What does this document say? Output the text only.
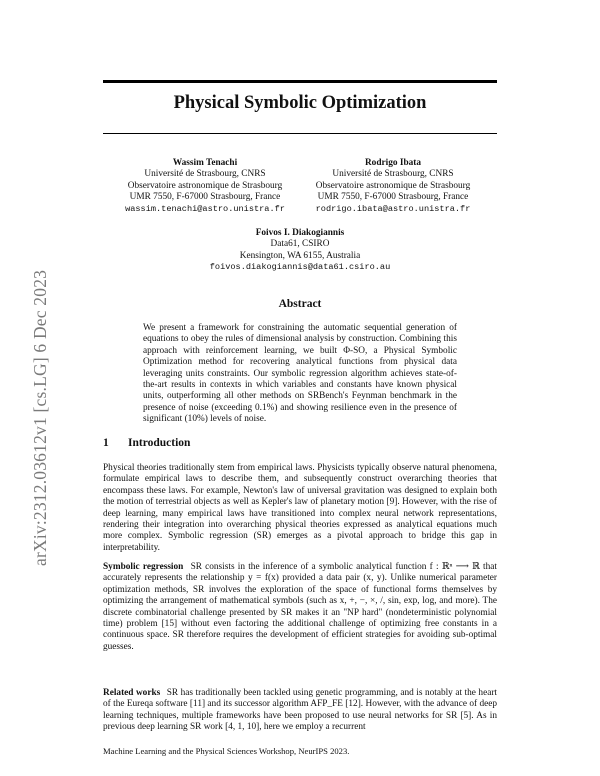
arXiv:2312.03612v1 [cs.LG] 6 Dec 2023
Physical Symbolic Optimization
Wassim Tenachi
Université de Strasbourg, CNRS
Observatoire astronomique de Strasbourg
UMR 7550, F-67000 Strasbourg, France
wassim.tenachi@astro.unistra.fr
Rodrigo Ibata
Université de Strasbourg, CNRS
Observatoire astronomique de Strasbourg
UMR 7550, F-67000 Strasbourg, France
rodrigo.ibata@astro.unistra.fr
Foivos I. Diakogiannis
Data61, CSIRO
Kensington, WA 6155, Australia
foivos.diakogiannis@data61.csiro.au
Abstract
We present a framework for constraining the automatic sequential generation of equations to obey the rules of dimensional analysis by construction. Combining this approach with reinforcement learning, we built Φ-SO, a Physical Symbolic Optimization method for recovering analytical functions from physical data leveraging units constraints. Our symbolic regression algorithm achieves state-of-the-art results in contexts in which variables and constants have known physical units, outperforming all other methods on SRBench's Feynman benchmark in the presence of noise (exceeding 0.1%) and showing resilience even in the presence of significant (10%) levels of noise.
1 Introduction
Physical theories traditionally stem from empirical laws. Physicists typically observe natural phenomena, formulate empirical laws to describe them, and subsequently construct overarching theories that encompass these laws. For example, Newton's law of universal gravitation was designed to explain both the motion of terrestrial objects as well as Kepler's law of planetary motion [9]. However, with the rise of deep learning, many empirical laws have transitioned into complex neural network representations, rendering their integration into overarching physical theories expressed as analytical equations much more complex. Symbolic regression (SR) emerges as a pivotal approach to bridge this gap in interpretability.
Symbolic regression SR consists in the inference of a symbolic analytical function f : ℝⁿ ⟶ ℝ that accurately represents the relationship y = f(x) provided a data pair (x, y). Unlike numerical parameter optimization methods, SR involves the exploration of the space of functional forms themselves by optimizing the arrangement of mathematical symbols (such as x, +, −, ×, /, sin, exp, log, and more). The discrete combinatorial challenge presented by SR makes it an "NP hard" (nondeterministic polynomial time) problem [15] without even factoring the additional challenge of optimizing free constants in a continuous space. SR therefore requires the development of efficient strategies for avoiding sub-optimal guesses.
Related works SR has traditionally been tackled using genetic programming, and is notably at the heart of the Eureqa software [11] and its successor algorithm AFP_FE [12]. However, with the advance of deep learning techniques, multiple frameworks have been proposed to use neural networks for SR [5]. As in previous deep learning SR work [4, 1, 10], here we employ a recurrent
Machine Learning and the Physical Sciences Workshop, NeurIPS 2023.
